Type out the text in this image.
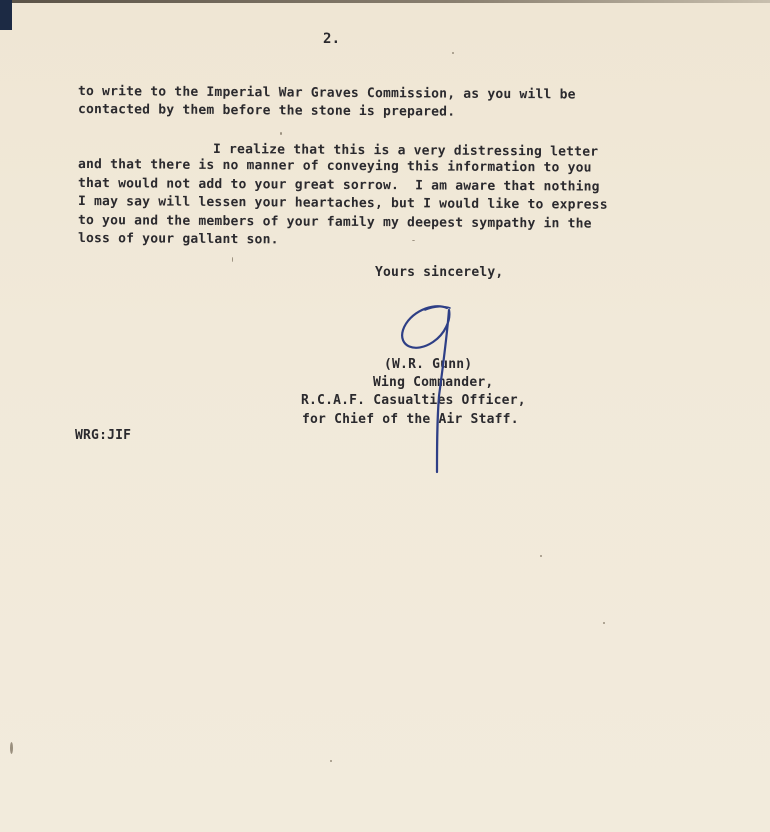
2.
to write to the Imperial War Graves Commission, as you will be
contacted by them before the stone is prepared.
I realize that this is a very distressing letter
and that there is no manner of conveying this information to you
that would not add to your great sorrow.  I am aware that nothing
I may say will lessen your heartaches, but I would like to express
to you and the members of your family my deepest sympathy in the
loss of your gallant son.
Yours sincerely,
(W.R. Gunn)
Wing Commander,
R.C.A.F. Casualties Officer,
for Chief of the Air Staff.
WRG:JIF
